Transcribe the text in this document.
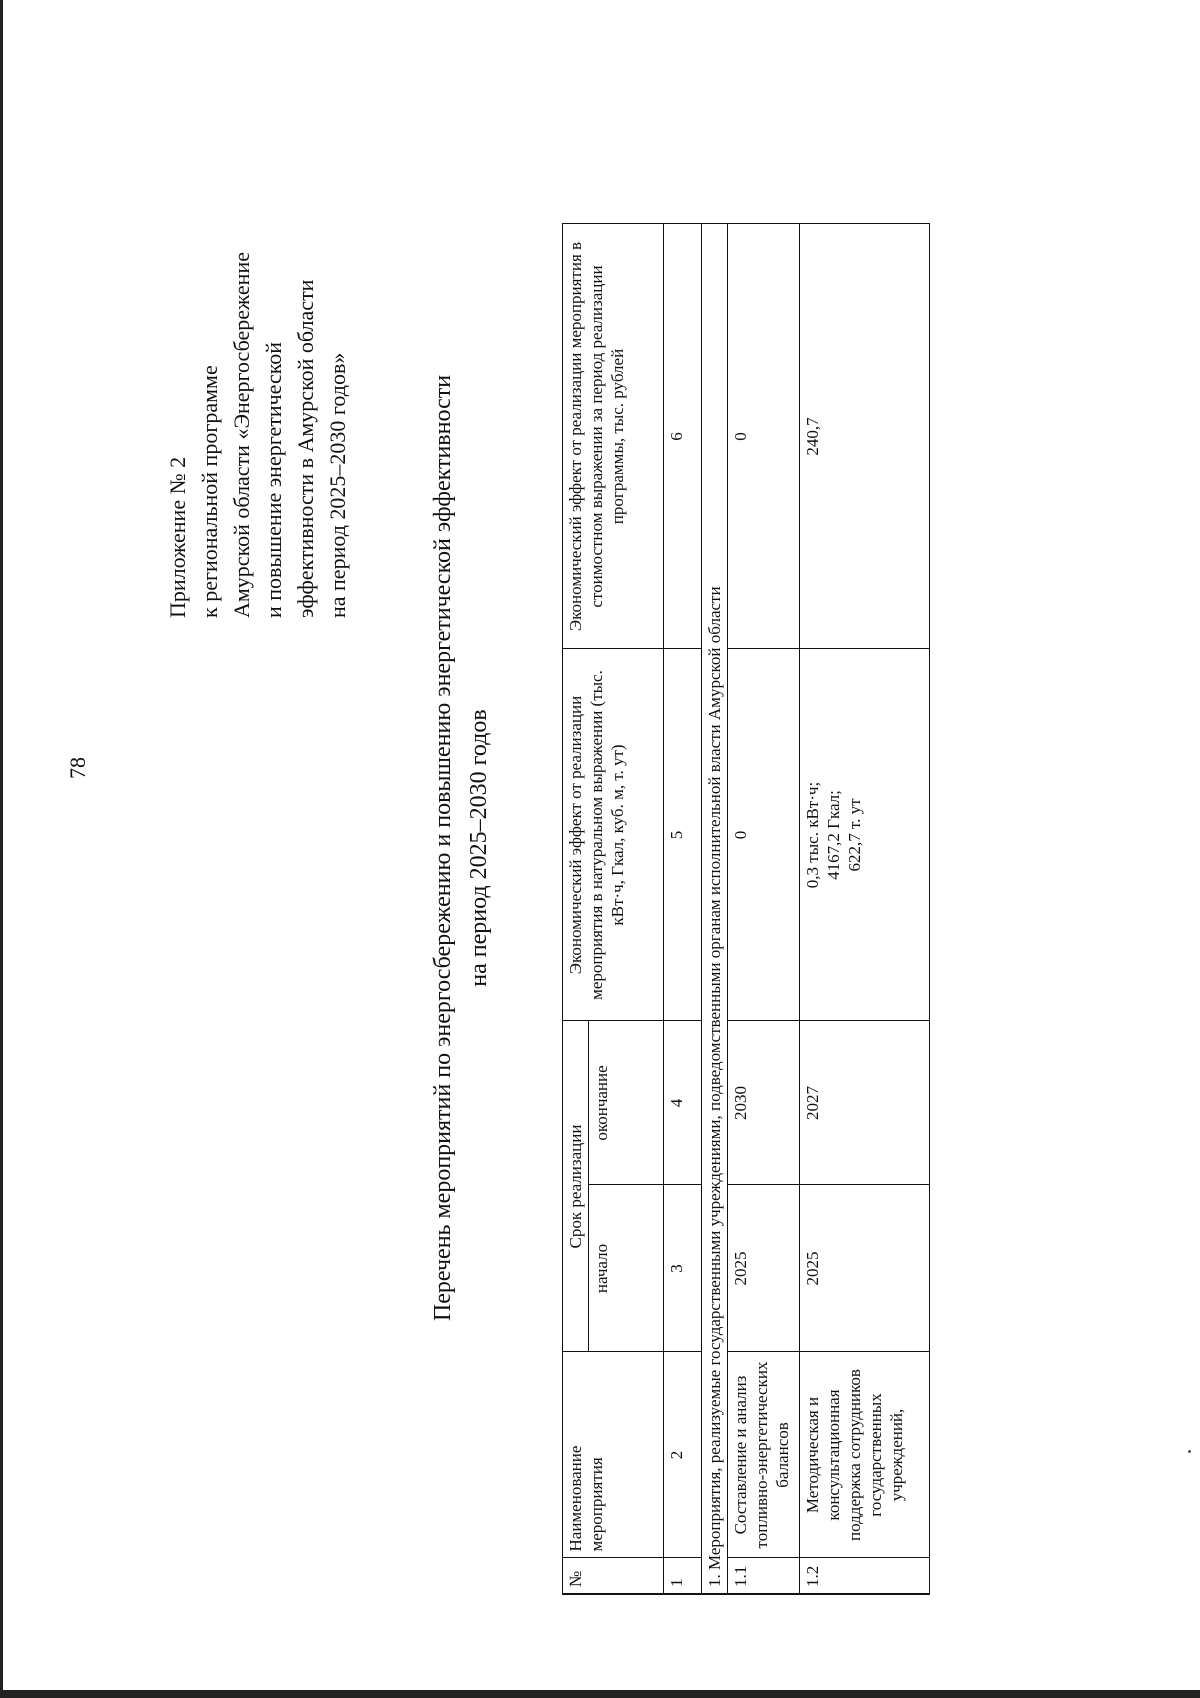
78
Приложение № 2 к региональной программе Амурской области «Энергосбережение и повышение энергетической эффективности в Амурской области на период 2025–2030 годов»	Перечень мероприятий по энергосбережению и повышению энергетической эффективности на период 2025–2030 годов
№	Наименование мероприятия	Срок реализации		Экономический эффект от реализации мероприятия в натуральном выражении (тыс. кВт·ч, Гкал, куб. м, т. ут)	Экономический эффект от реализации мероприятия в стоимостном выражении за период реализации программы, тыс. рублей
		начало	окончание		
1	2	3	4	5	6
1. Мероприятия, реализуемые государственными учреждениями, подведомственными органам исполнительной власти Амурской области					
1.1	Составление и анализ топливно-энергетических балансов	2025	2030	0	0
1.2	Методическая и консультационная поддержка сотрудников государственных учреждений,	2025	2027	0,3 тыс. кВт·ч; 4167,2 Гкал; 622,7 т. ут	240,7
